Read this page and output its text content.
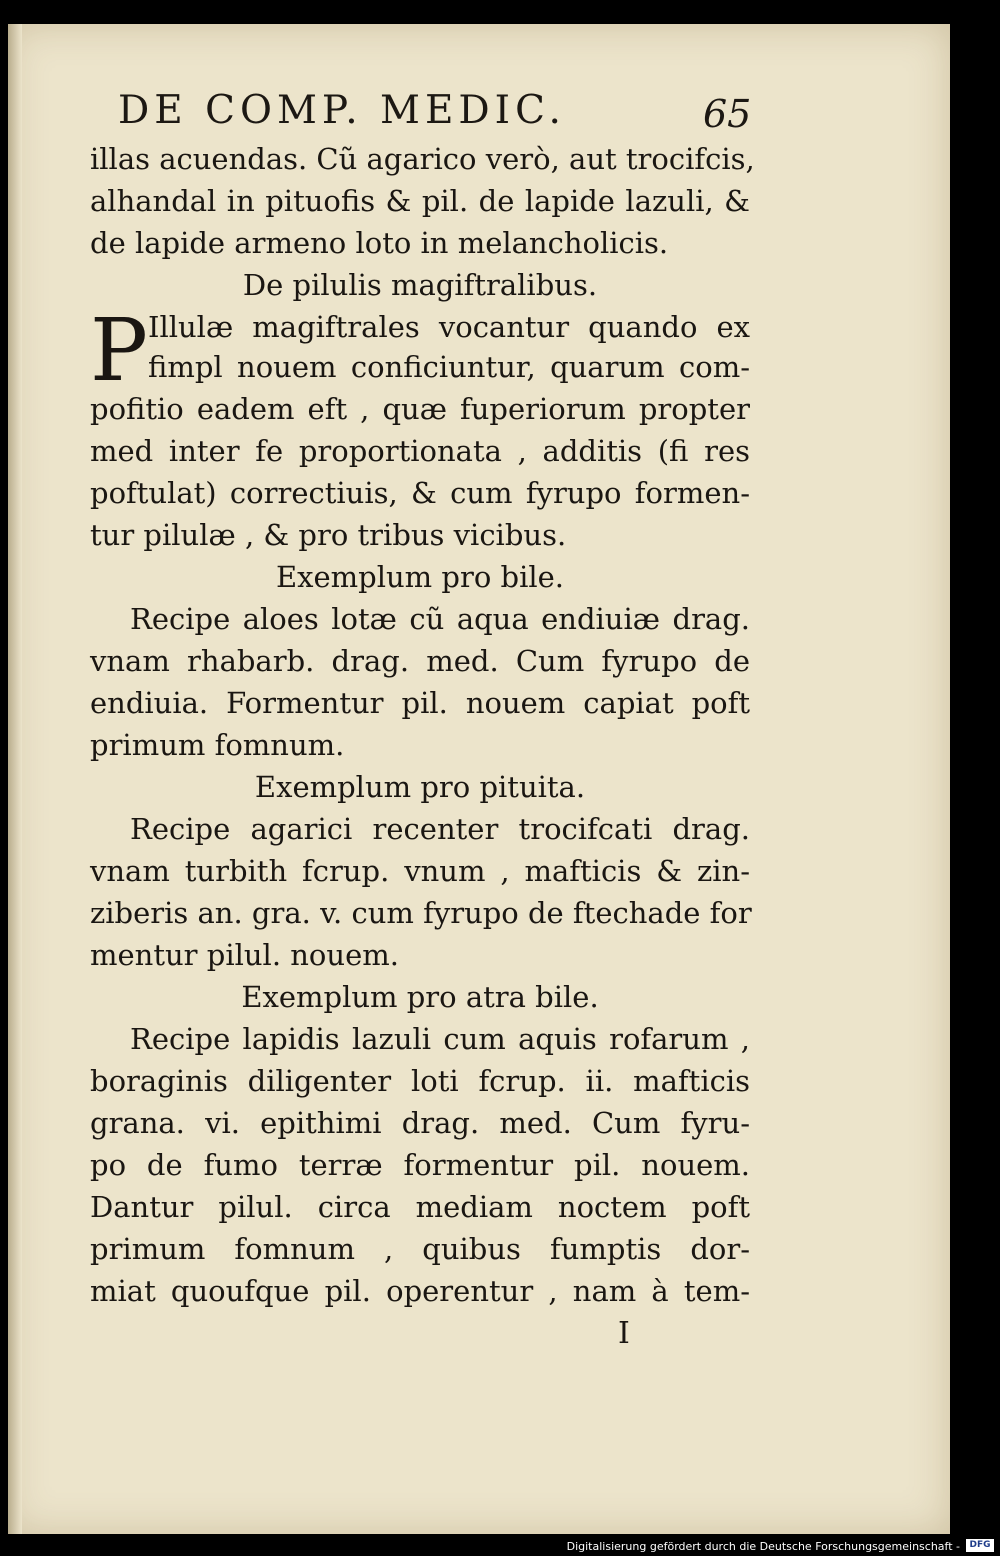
DE COMP. MEDIC.	65
illas acuendas. Cũ agarico verò, aut trocifcis,
alhandal in pituofis & pil. de lapide lazuli, &
de lapide armeno loto in melancholicis.
De pilulis magiftralibus.
P Illulæ magiftrales vocantur quando ex
fimpl nouem conficiuntur, quarum com-
pofitio eadem eft , quæ fuperiorum propter
med inter fe proportionata , additis (fi res
poftulat) correctiuis, & cum fyrupo formen-
tur pilulæ , & pro tribus vicibus.
Exemplum pro bile.
Recipe aloes lotæ cũ aqua endiuiæ drag.
vnam rhabarb. drag. med. Cum fyrupo de
endiuia. Formentur pil. nouem capiat poft
primum fomnum.
Exemplum pro pituita.
Recipe agarici recenter trocifcati drag.
vnam turbith fcrup. vnum , mafticis & zin-
ziberis an. gra. v. cum fyrupo de ftechade for
mentur pilul. nouem.
Exemplum pro atra bile.
Recipe lapidis lazuli cum aquis rofarum ,
boraginis diligenter loti fcrup. ii. mafticis
grana. vi. epithimi drag. med. Cum fyru-
po de fumo terræ formentur pil. nouem.
Dantur pilul. circa mediam noctem poft
primum fomnum , quibus fumptis dor-
miat quoufque pil. operentur , nam à tem-
I
Digitalisierung gefördert durch die Deutsche Forschungsgemeinschaft -	DFG
